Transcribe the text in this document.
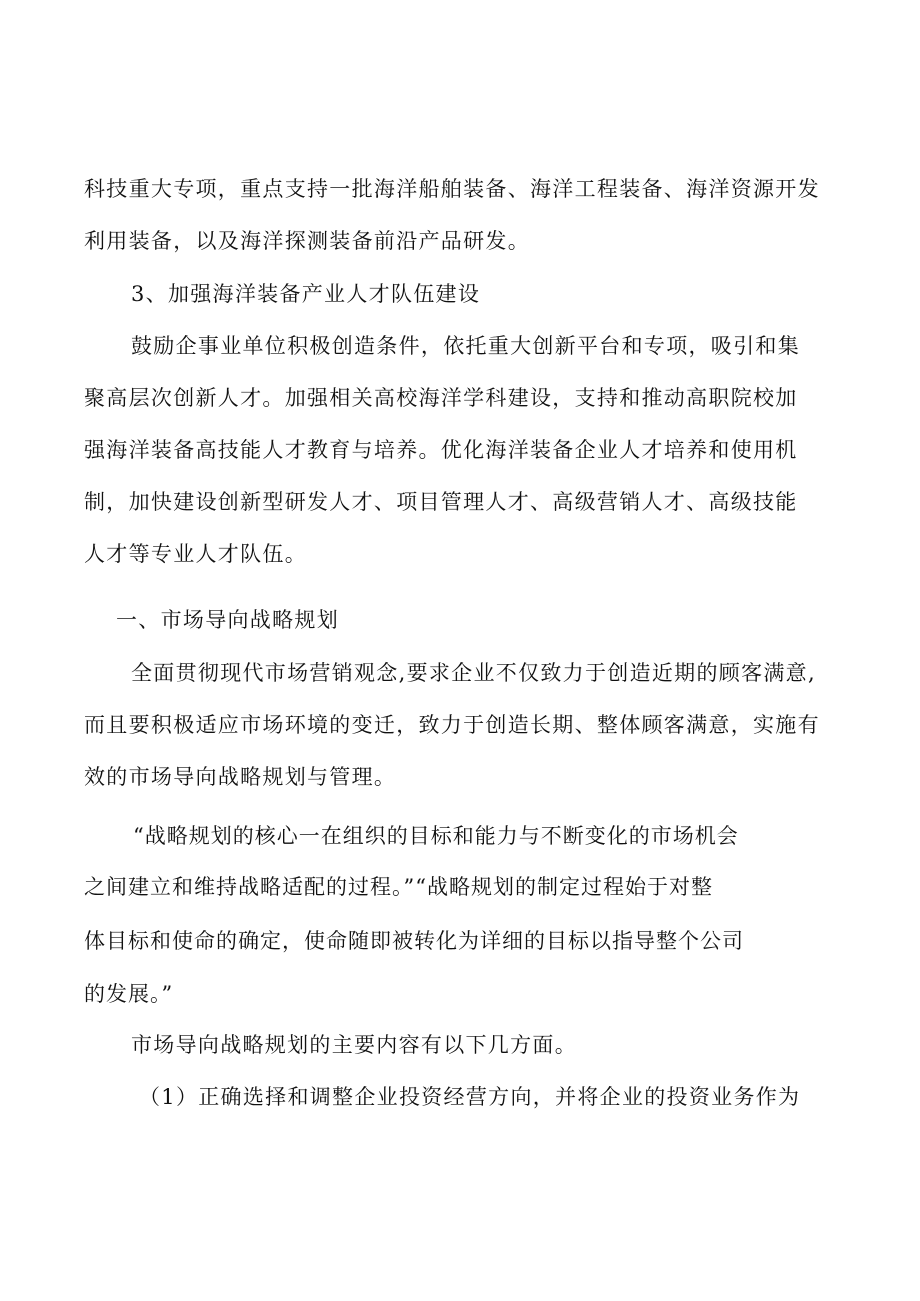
科技重大专项，重点支持一批海洋船舶装备、海洋工程装备、海洋资源开发
利用装备，以及海洋探测装备前沿产品研发。
3、加强海洋装备产业人才队伍建设
鼓励企事业单位积极创造条件，依托重大创新平台和专项，吸引和集
聚高层次创新人才。加强相关高校海洋学科建设，支持和推动高职院校加
强海洋装备高技能人才教育与培养。优化海洋装备企业人才培养和使用机
制，加快建设创新型研发人才、项目管理人才、高级营销人才、高级技能
人才等专业人才队伍。
一、市场导向战略规划
全面贯彻现代市场营销观念,要求企业不仅致力于创造近期的顾客满意,
而且要积极适应市场环境的变迁，致力于创造长期、整体顾客满意，实施有
效的市场导向战略规划与管理。
“战略规划的核心一在组织的目标和能力与不断变化的市场机会
之间建立和维持战略适配的过程。”“战略规划的制定过程始于对整
体目标和使命的确定，使命随即被转化为详细的目标以指导整个公司
的发展。”
市场导向战略规划的主要内容有以下几方面。
（1）正确选择和调整企业投资经营方向，并将企业的投资业务作为
